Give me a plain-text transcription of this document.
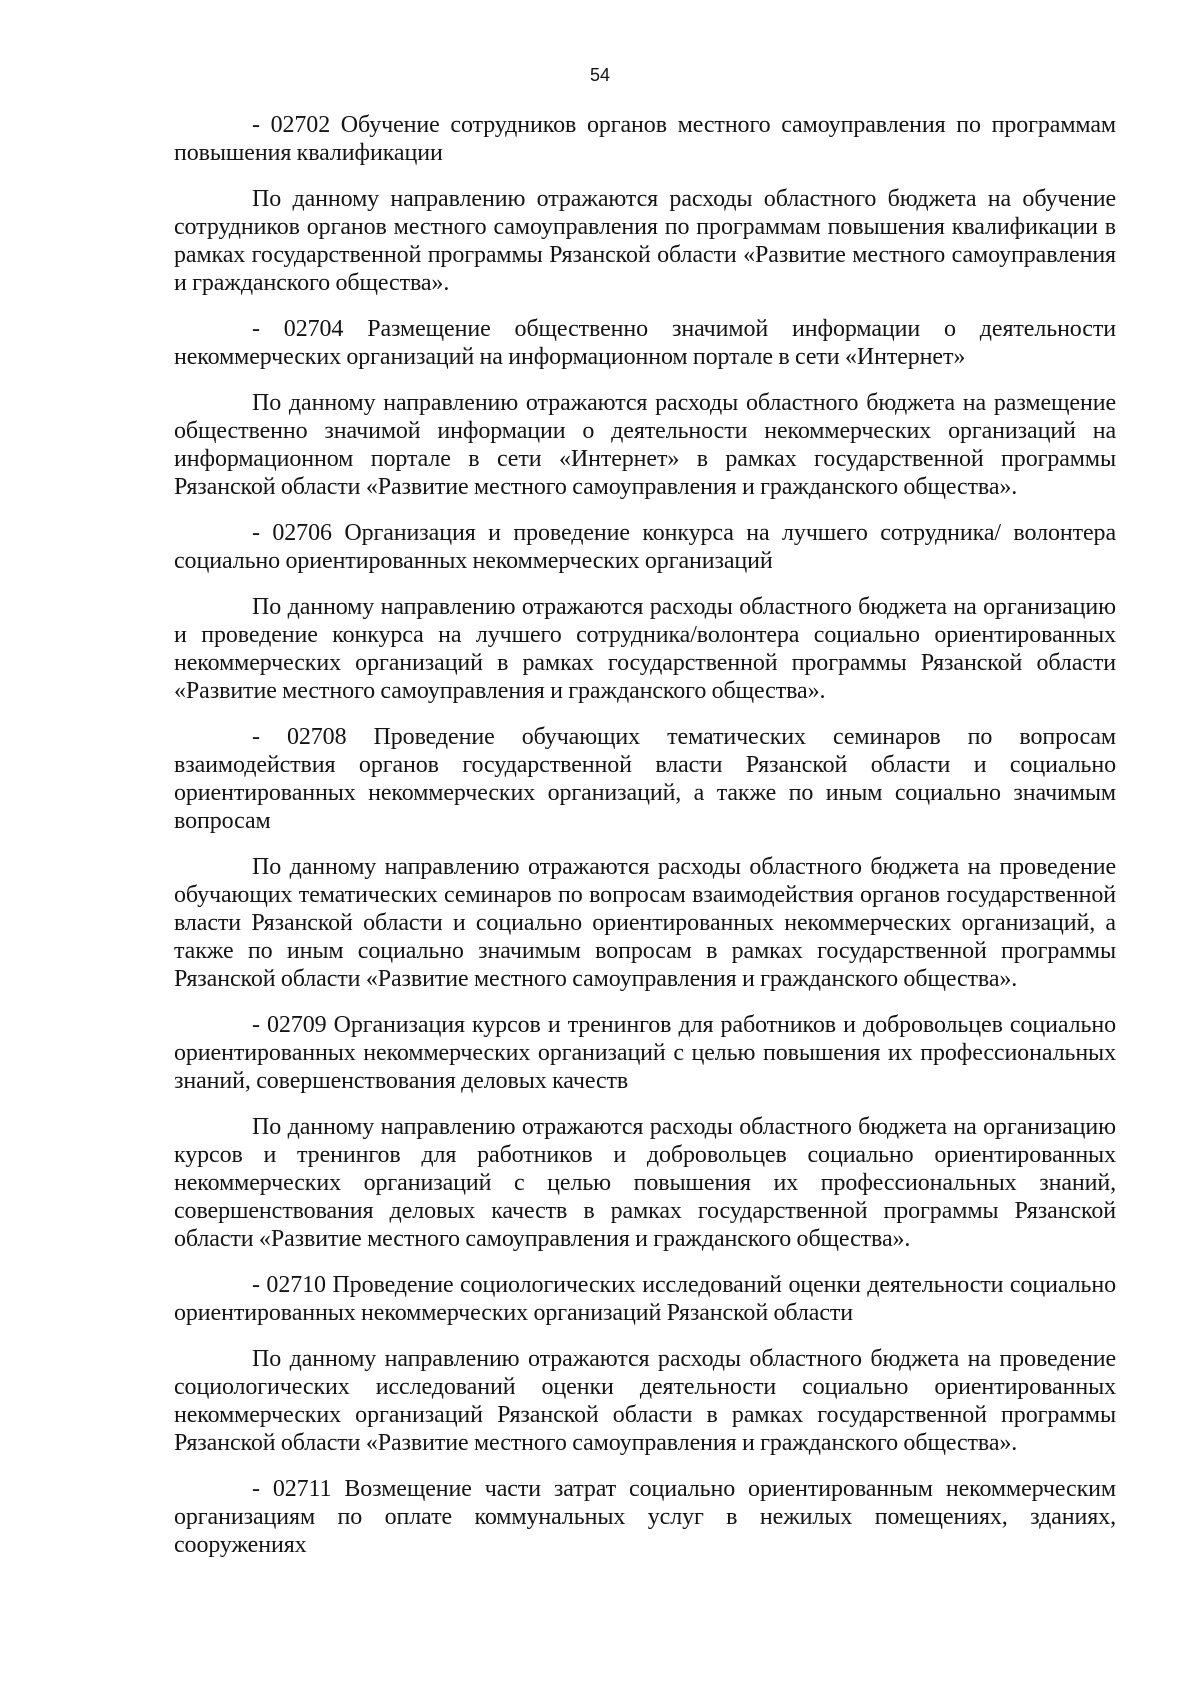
54

- 02702 Обучение сотрудников органов местного самоуправления по программам повышения квалификации

По данному направлению отражаются расходы областного бюджета на обучение сотрудников органов местного самоуправления по программам повышения квалификации в рамках государственной программы Рязанской области «Развитие местного самоуправления и гражданского общества».

- 02704 Размещение общественно значимой информации о деятельности некоммерческих организаций на информационном портале в сети «Интернет»

По данному направлению отражаются расходы областного бюджета на размещение общественно значимой информации о деятельности некоммерческих организаций на информационном портале в сети «Интернет» в рамках государственной программы Рязанской области «Развитие местного самоуправления и гражданского общества».

- 02706 Организация и проведение конкурса на лучшего сотрудника/ волонтера социально ориентированных некоммерческих организаций

По данному направлению отражаются расходы областного бюджета на организацию и проведение конкурса на лучшего сотрудника/волонтера социально ориентированных некоммерческих организаций в рамках государственной программы Рязанской области «Развитие местного самоуправления и гражданского общества».

- 02708 Проведение обучающих тематических семинаров по вопросам взаимодействия органов государственной власти Рязанской области и социально ориентированных некоммерческих организаций, а также по иным социально значимым вопросам

По данному направлению отражаются расходы областного бюджета на проведение обучающих тематических семинаров по вопросам взаимодействия органов государственной власти Рязанской области и социально ориентированных некоммерческих организаций, а также по иным социально значимым вопросам в рамках государственной программы Рязанской области «Развитие местного самоуправления и гражданского общества».

- 02709 Организация курсов и тренингов для работников и добровольцев социально ориентированных некоммерческих организаций с целью повышения их профессиональных знаний, совершенствования деловых качеств

По данному направлению отражаются расходы областного бюджета на организацию курсов и тренингов для работников и добровольцев социально ориентированных некоммерческих организаций с целью повышения их профессиональных знаний, совершенствования деловых качеств в рамках государственной программы Рязанской области «Развитие местного самоуправления и гражданского общества».

- 02710 Проведение социологических исследований оценки деятельности социально ориентированных некоммерческих организаций Рязанской области

По данному направлению отражаются расходы областного бюджета на проведение социологических исследований оценки деятельности социально ориентированных некоммерческих организаций Рязанской области в рамках государственной программы Рязанской области «Развитие местного самоуправления и гражданского общества».

- 02711 Возмещение части затрат социально ориентированным некоммерческим организациям по оплате коммунальных услуг в нежилых помещениях, зданиях, сооружениях
